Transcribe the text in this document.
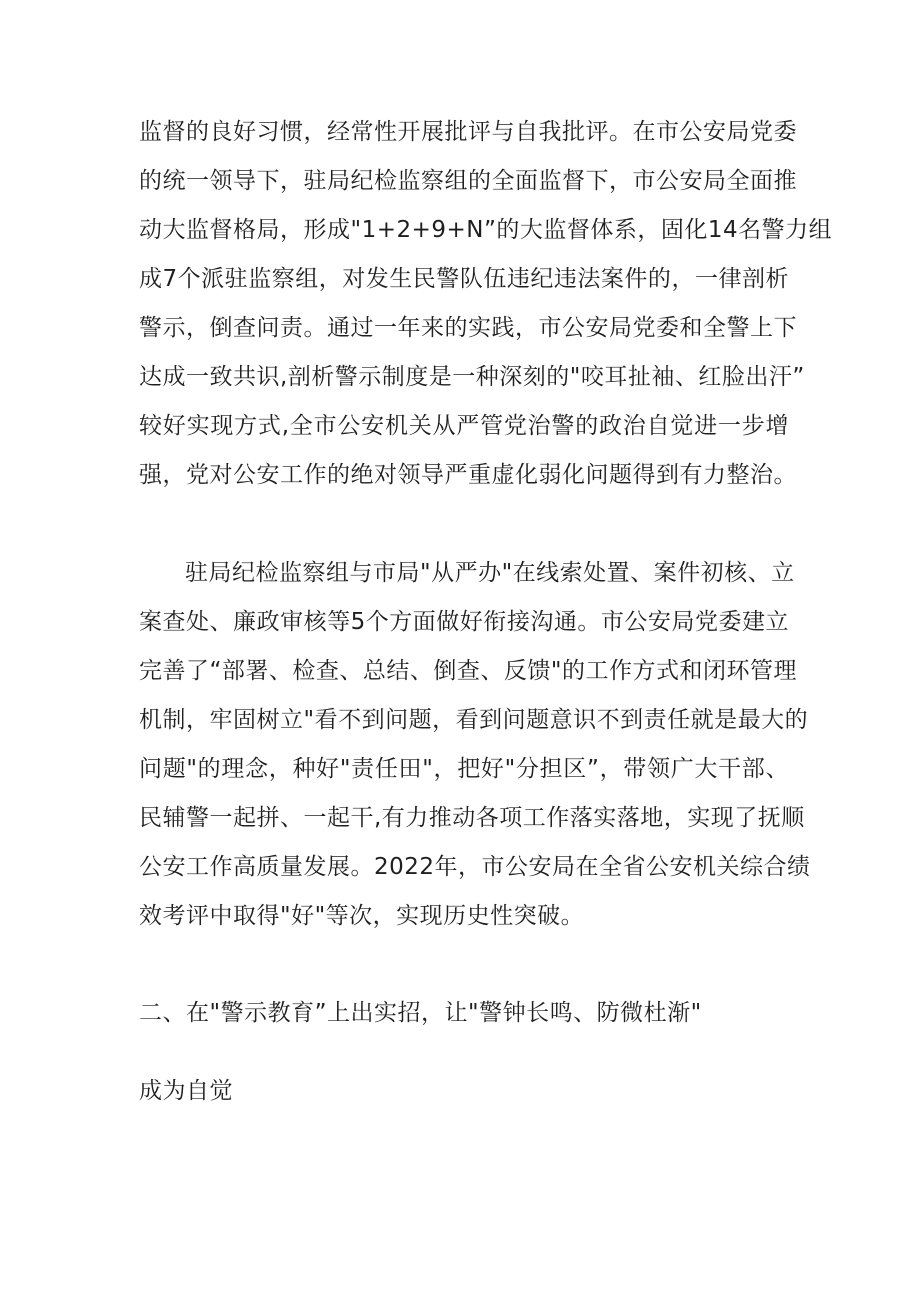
监督的良好习惯，经常性开展批评与自我批评。在市公安局党委
的统一领导下，驻局纪检监察组的全面监督下，市公安局全面推
动大监督格局，形成"1+2+9+N”的大监督体系，固化14名警力组
成7个派驻监察组，对发生民警队伍违纪违法案件的，一律剖析
警示，倒查问责。通过一年来的实践，市公安局党委和全警上下
达成一致共识,剖析警示制度是一种深刻的"咬耳扯袖、红脸出汗”
较好实现方式,全市公安机关从严管党治警的政治自觉进一步增
强，党对公安工作的绝对领导严重虚化弱化问题得到有力整治。
驻局纪检监察组与市局"从严办"在线索处置、案件初核、立
案查处、廉政审核等5个方面做好衔接沟通。市公安局党委建立
完善了“部署、检查、总结、倒查、反馈"的工作方式和闭环管理
机制，牢固树立"看不到问题，看到问题意识不到责任就是最大的
问题"的理念，种好"责任田"，把好"分担区”，带领广大干部、
民辅警一起拼、一起干,有力推动各项工作落实落地，实现了抚顺
公安工作高质量发展。2022年，市公安局在全省公安机关综合绩
效考评中取得"好"等次，实现历史性突破。
二、在"警示教育”上出实招，让"警钟长鸣、防微杜渐"
成为自觉
